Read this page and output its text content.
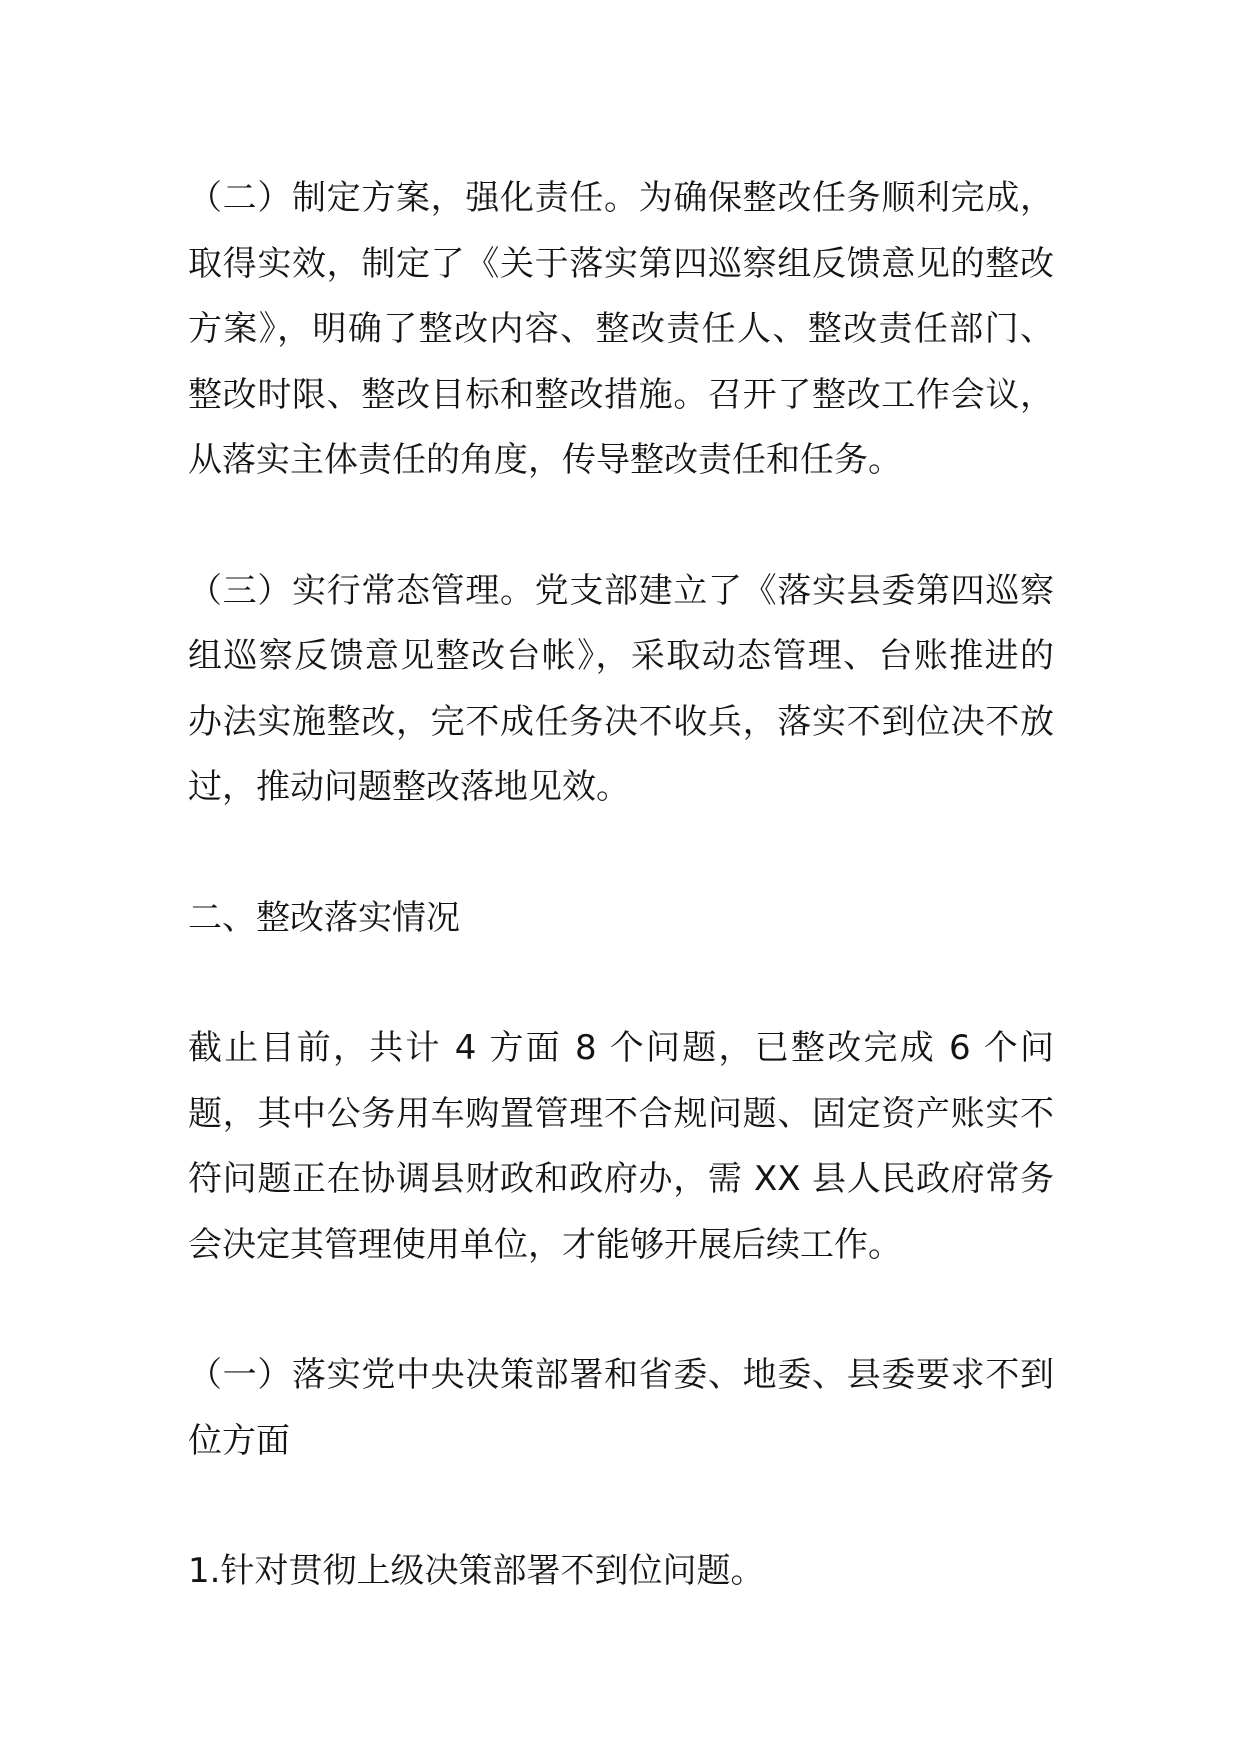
（二）制定方案，强化责任。为确保整改任务顺利完成，取得实效，制定了《关于落实第四巡察组反馈意见的整改方案》，明确了整改内容、整改责任人、整改责任部门、整改时限、整改目标和整改措施。召开了整改工作会议，从落实主体责任的角度，传导整改责任和任务。

（三）实行常态管理。党支部建立了《落实县委第四巡察组巡察反馈意见整改台帐》，采取动态管理、台账推进的办法实施整改，完不成任务决不收兵，落实不到位决不放过，推动问题整改落地见效。

二、整改落实情况

截止目前，共计 4 方面 8 个问题，已整改完成 6 个问题，其中公务用车购置管理不合规问题、固定资产账实不符问题正在协调县财政和政府办，需 XX 县人民政府常务会决定其管理使用单位，才能够开展后续工作。

（一）落实党中央决策部署和省委、地委、县委要求不到位方面

1.针对贯彻上级决策部署不到位问题。
